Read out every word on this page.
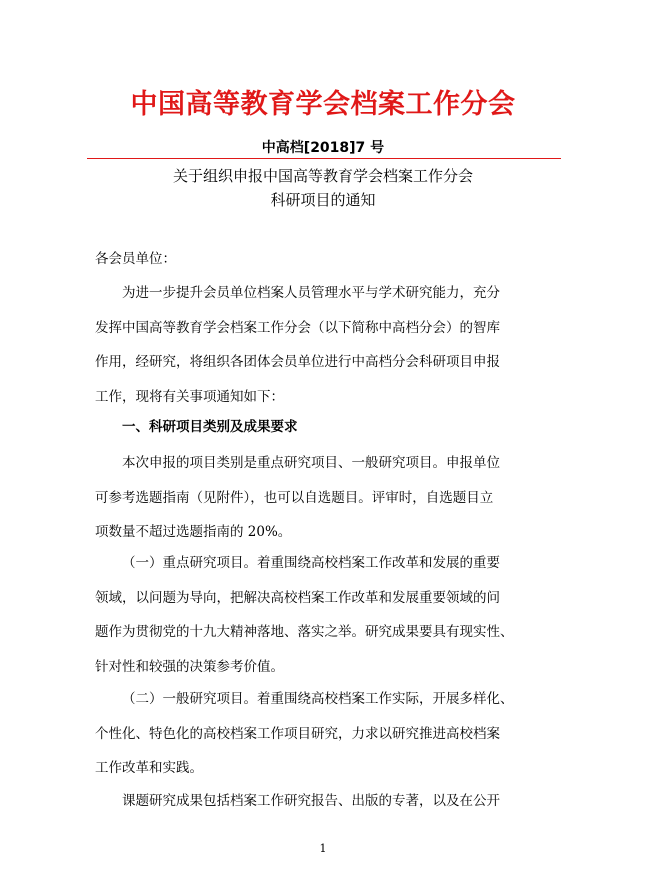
中国高等教育学会档案工作分会
中高档[2018]7 号
关于组织申报中国高等教育学会档案工作分会
科研项目的通知
各会员单位：
为进一步提升会员单位档案人员管理水平与学术研究能力，充分
发挥中国高等教育学会档案工作分会（以下简称中高档分会）的智库
作用，经研究，将组织各团体会员单位进行中高档分会科研项目申报
工作，现将有关事项通知如下：
一、科研项目类别及成果要求
本次申报的项目类别是重点研究项目、一般研究项目。申报单位
可参考选题指南（见附件），也可以自选题目。评审时，自选题目立
项数量不超过选题指南的 20%。
（一）重点研究项目。着重围绕高校档案工作改革和发展的重要
领域，以问题为导向，把解决高校档案工作改革和发展重要领域的问
题作为贯彻党的十九大精神落地、落实之举。研究成果要具有现实性、
针对性和较强的决策参考价值。
（二）一般研究项目。着重围绕高校档案工作实际，开展多样化、
个性化、特色化的高校档案工作项目研究，力求以研究推进高校档案
工作改革和实践。
课题研究成果包括档案工作研究报告、出版的专著，以及在公开
1
